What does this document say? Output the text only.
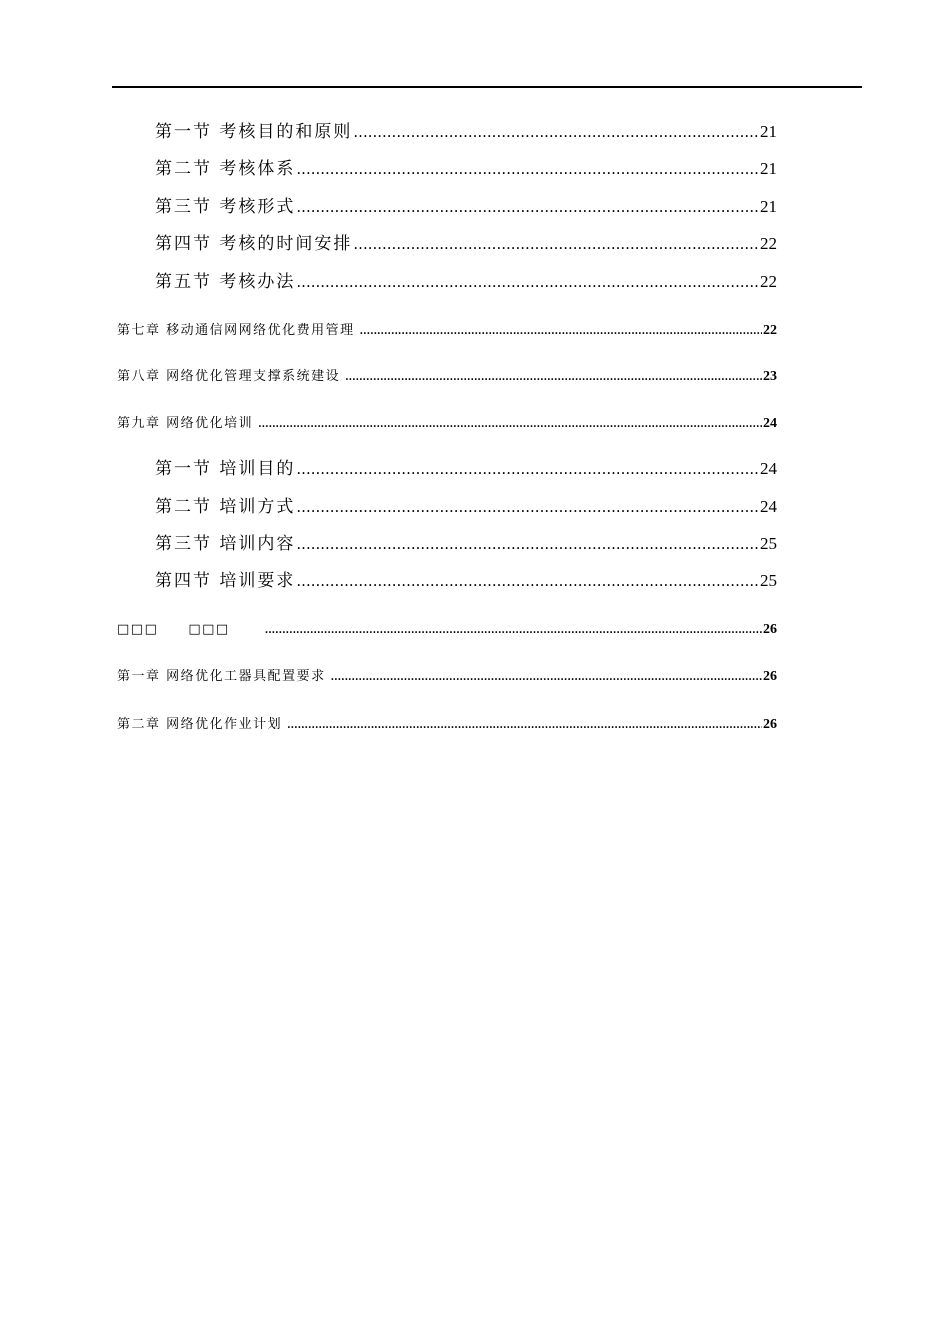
第一节 考核目的和原则 .....	21
第二节 考核体系 .....	21
第三节 考核形式 .....	21
第四节 考核的时间安排 .....	22
第五节 考核办法 .....	22
第七章 移动通信网网络优化费用管理 .....	22
第八章 网络优化管理支撑系统建设 .....	23
第九章 网络优化培训 .....	24
第一节 培训目的 .....	24
第二节 培训方式 .....	24
第三节 培训内容 .....	25
第四节 培训要求 .....	25
□□□ □□□ .....	26
第一章 网络优化工器具配置要求 .....	26
第二章 网络优化作业计划 .....	26
